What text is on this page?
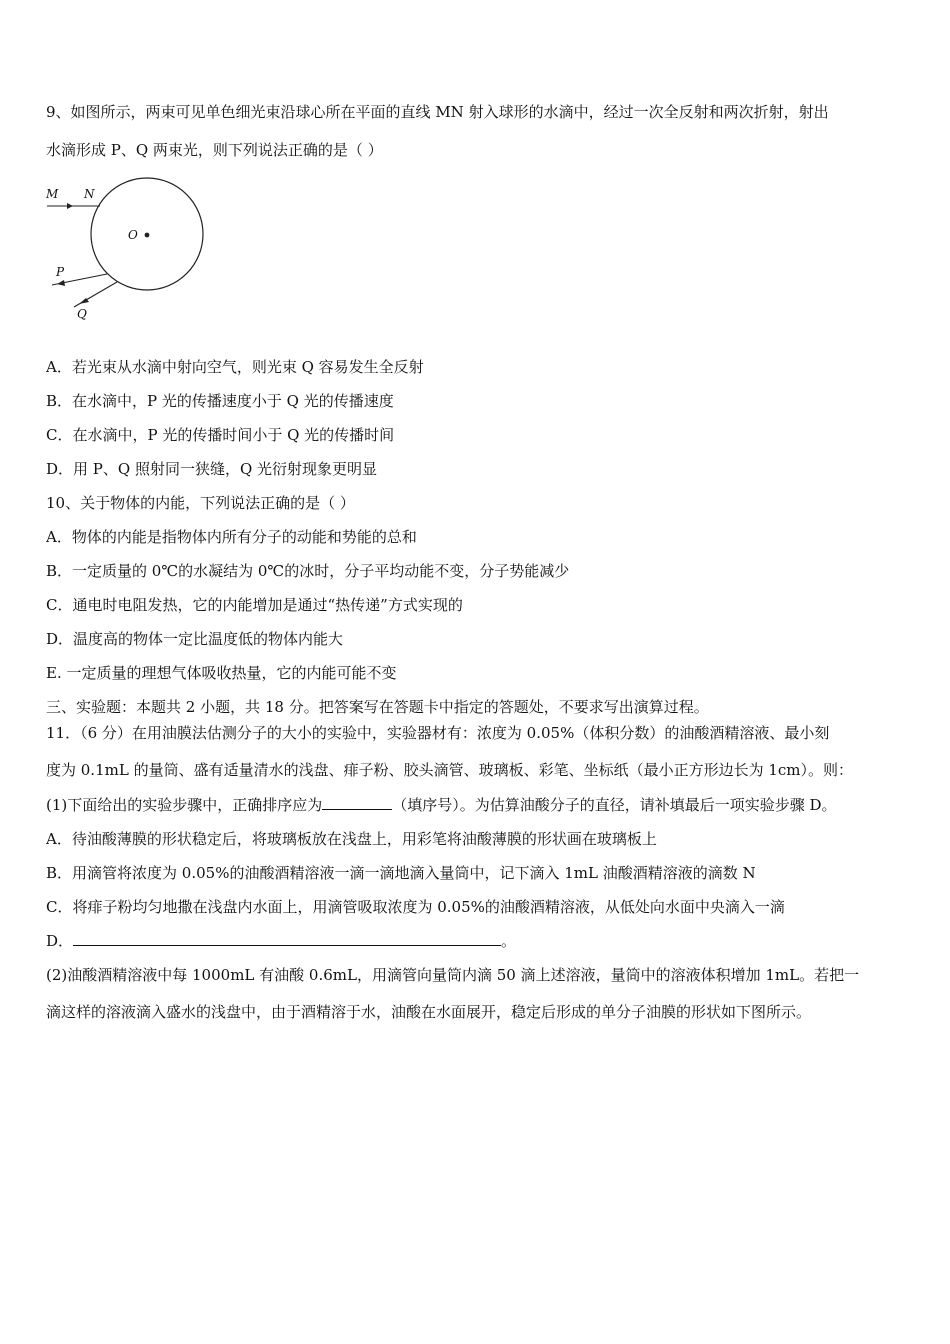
9、如图所示，两束可见单色细光束沿球心所在平面的直线 MN 射入球形的水滴中，经过一次全反射和两次折射，射出
水滴形成 P、Q 两束光，则下列说法正确的是（ ）
M N
O
P
Q
A．若光束从水滴中射向空气，则光束 Q 容易发生全反射
B．在水滴中，P 光的传播速度小于 Q 光的传播速度
C．在水滴中，P 光的传播时间小于 Q 光的传播时间
D．用 P、Q 照射同一狭缝，Q 光衍射现象更明显
10、关于物体的内能，下列说法正确的是（ ）
A．物体的内能是指物体内所有分子的动能和势能的总和
B．一定质量的 0℃的水凝结为 0℃的冰时，分子平均动能不变，分子势能减少
C．通电时电阻发热，它的内能增加是通过“热传递”方式实现的
D．温度高的物体一定比温度低的物体内能大
E. 一定质量的理想气体吸收热量，它的内能可能不变
三、实验题：本题共 2 小题，共 18 分。把答案写在答题卡中指定的答题处，不要求写出演算过程。
11．（6 分）在用油膜法估测分子的大小的实验中，实验器材有：浓度为 0.05%（体积分数）的油酸酒精溶液、最小刻
度为 0.1mL 的量筒、盛有适量清水的浅盘、痱子粉、胶头滴管、玻璃板、彩笔、坐标纸（最小正方形边长为 1cm）。则：
(1)下面给出的实验步骤中，正确排序应为	（填序号）。为估算油酸分子的直径，请补填最后一项实验步骤 D。
A．待油酸薄膜的形状稳定后，将玻璃板放在浅盘上，用彩笔将油酸薄膜的形状画在玻璃板上
B．用滴管将浓度为 0.05%的油酸酒精溶液一滴一滴地滴入量筒中，记下滴入 1mL 油酸酒精溶液的滴数 N
C．将痱子粉均匀地撒在浅盘内水面上，用滴管吸取浓度为 0.05%的油酸酒精溶液，从低处向水面中央滴入一滴
D．	。
(2)油酸酒精溶液中每 1000mL 有油酸 0.6mL，用滴管向量筒内滴 50 滴上述溶液，量筒中的溶液体积增加 1mL。若把一
滴这样的溶液滴入盛水的浅盘中，由于酒精溶于水，油酸在水面展开，稳定后形成的单分子油膜的形状如下图所示。
